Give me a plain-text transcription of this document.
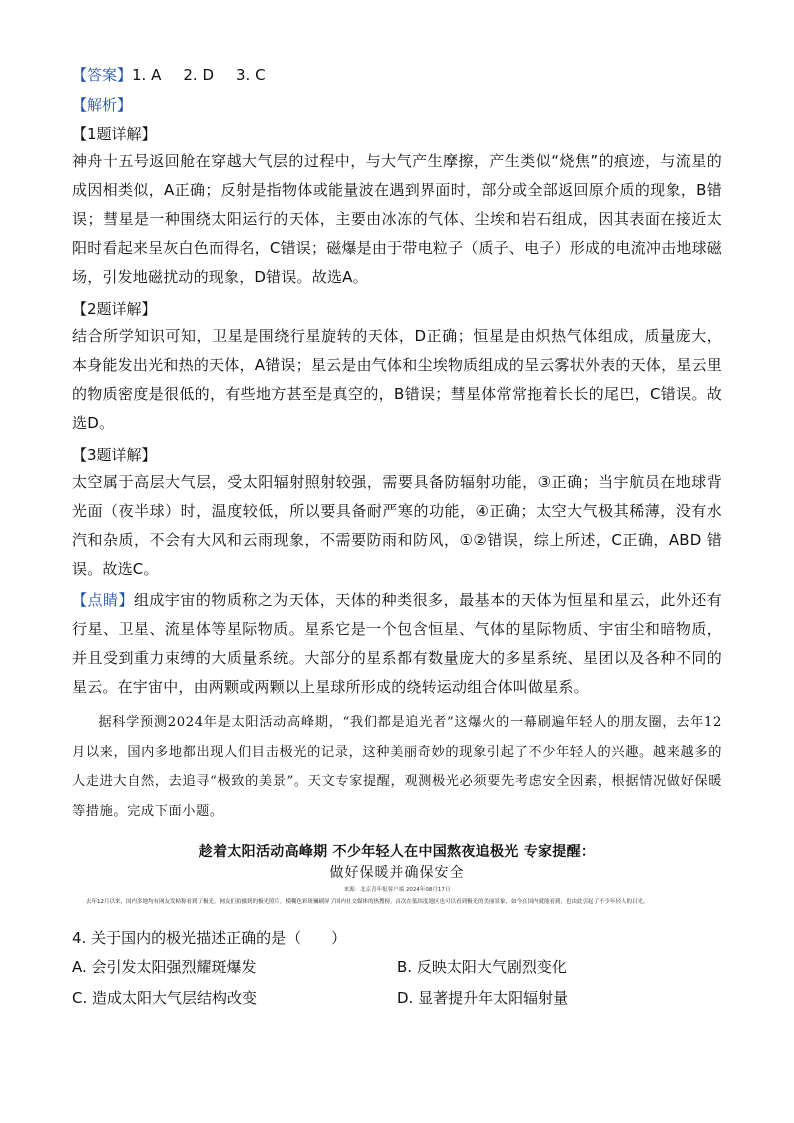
【答案】1. A 2. D 3. C
【解析】
【1题详解】
神舟十五号返回舱在穿越大气层的过程中，与大气产生摩擦，产生类似“烧焦”的痕迹，与流星的成因相类似，A正确；反射是指物体或能量波在遇到界面时，部分或全部返回原介质的现象，B错误；彗星是一种围绕太阳运行的天体，主要由冰冻的气体、尘埃和岩石组成，因其表面在接近太阳时看起来呈灰白色而得名，C错误；磁爆是由于带电粒子（质子、电子）形成的电流冲击地球磁场，引发地磁扰动的现象，D错误。故选A。
【2题详解】
结合所学知识可知，卫星是围绕行星旋转的天体，D正确；恒星是由炽热气体组成，质量庞大，本身能发出光和热的天体，A错误；星云是由气体和尘埃物质组成的呈云雾状外表的天体，星云里的物质密度是很低的，有些地方甚至是真空的，B错误；彗星体常常拖着长长的尾巴，C错误。故选D。
【3题详解】
太空属于高层大气层，受太阳辐射照射较强，需要具备防辐射功能，③正确；当宇航员在地球背光面（夜半球）时，温度较低，所以要具备耐严寒的功能，④正确；太空大气极其稀薄，没有水汽和杂质，不会有大风和云雨现象，不需要防雨和防风，①②错误，综上所述，C正确，ABD 错误。故选C。
【点睛】组成宇宙的物质称之为天体，天体的种类很多，最基本的天体为恒星和星云，此外还有行星、卫星、流星体等星际物质。星系它是一个包含恒星、气体的星际物质、宇宙尘和暗物质，并且受到重力束缚的大质量系统。大部分的星系都有数量庞大的多星系统、星团以及各种不同的星云。在宇宙中，由两颗或两颗以上星球所形成的绕转运动组合体叫做星系。
据科学预测2024年是太阳活动高峰期，“我们都是追光者”这爆火的一幕刷遍年轻人的朋友圈，去年12月以来，国内多地都出现人们目击极光的记录，这种美丽奇妙的现象引起了不少年轻人的兴趣。越来越多的人走进大自然，去追寻“极致的美景”。天文专家提醒，观测极光必须要先考虑安全因素，根据情况做好保暖等措施。完成下面小题。
趁着太阳活动高峰期 不少年轻人在中国熬夜追极光 专家提醒：
做好保暖并确保安全
来源：北京青年报客户端 2024年08月17日
去年12月以来，国内多地均有网友发帖称看到了极光。网友们拍摄到的极光照片，模糊色彩斑斓刷屏了国内社交媒体的热搜榜。首次在低纬度地区也可以看到极光的美丽景象，如今在国内就能看到，也由此引起了不少年轻人的目光。
4. 关于国内的极光描述正确的是（　　）
A. 会引发太阳强烈耀斑爆发	B. 反映太阳大气剧烈变化
C. 造成太阳大气层结构改变	D. 显著提升年太阳辐射量
